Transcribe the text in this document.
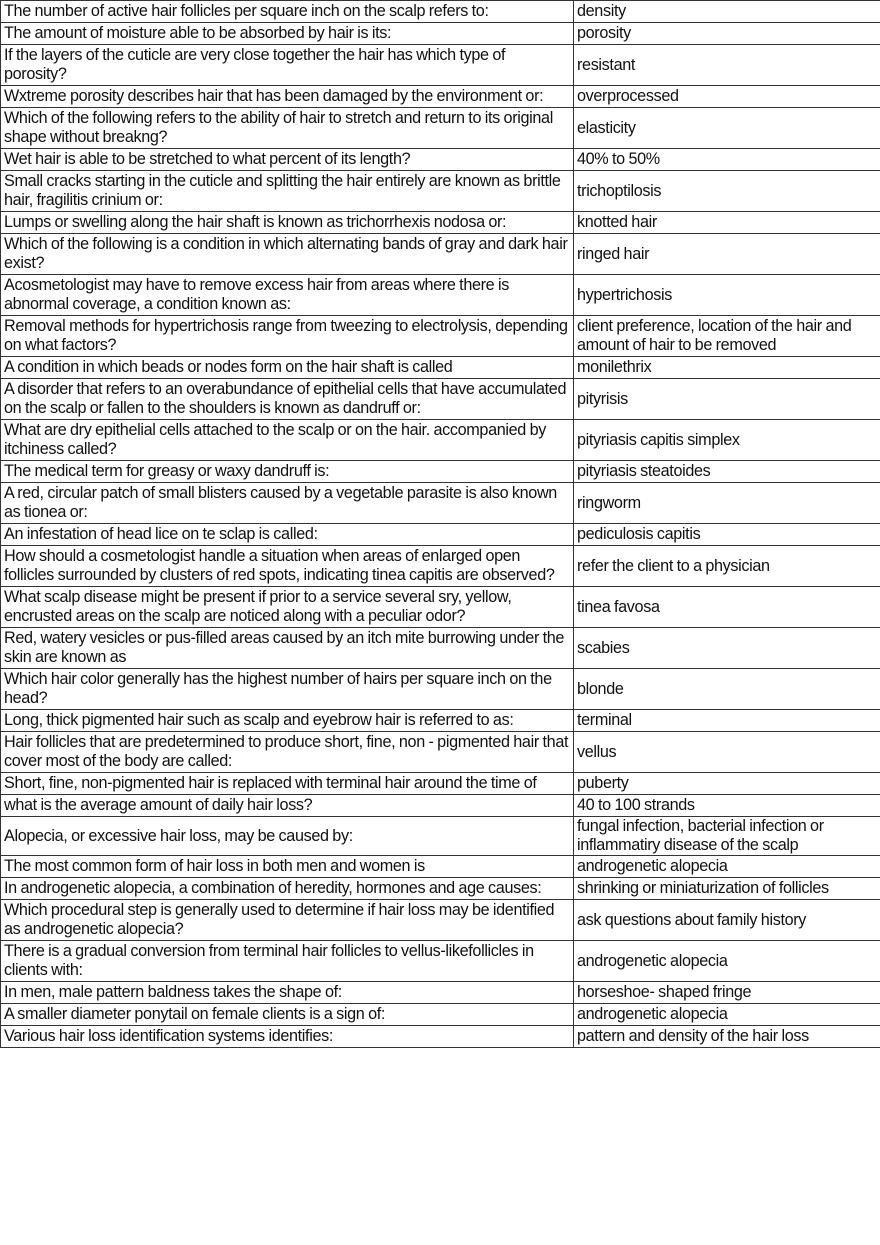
The number of active hair follicles per square inch on the scalp refers to:	density
The amount of moisture able to be absorbed by hair is its:	porosity
If the layers of the cuticle are very close together the hair has which type of porosity?	resistant
Wxtreme porosity describes hair that has been damaged by the environment or:	overprocessed
Which of the following refers to the ability of hair to stretch and return to its original shape without breakng?	elasticity
Wet hair is able to be stretched to what percent of its length?	40% to 50%
Small cracks starting in the cuticle and splitting the hair entirely are known as brittle hair, fragilitis crinium or:	trichoptilosis
Lumps or swelling along the hair shaft is known as trichorrhexis nodosa or:	knotted hair
Which of the following is a condition in which alternating bands of gray and dark hair exist?	ringed hair
Acosmetologist may have to remove excess hair from areas where there is abnormal coverage, a condition known as:	hypertrichosis
Removal methods for hypertrichosis range from tweezing to electrolysis, depending on what factors?	client preference, location of the hair and amount of hair to be removed
A condition in which beads or nodes form on the hair shaft is called	monilethrix
A disorder that refers to an overabundance of epithelial cells that have accumulated on the scalp or fallen to the shoulders is known as dandruff or:	pityrisis
What are dry epithelial cells attached to the scalp or on the hair. accompanied by itchiness called?	pityriasis capitis simplex
The medical term for greasy or waxy dandruff is:	pityriasis steatoides
A red, circular patch of small blisters caused by a vegetable parasite is also known as tionea or:	ringworm
An infestation of head lice on te sclap is called:	pediculosis capitis
How should a cosmetologist handle a situation when areas of enlarged open follicles surrounded by clusters of red spots, indicating tinea capitis are observed?	refer the client to a physician
What scalp disease might be present if prior to a service several sry, yellow, encrusted areas on the scalp are noticed along with a peculiar odor?	tinea favosa
Red, watery vesicles or pus-filled areas caused by an itch mite burrowing under the skin are known as	scabies
Which hair color generally has the highest number of hairs per square inch on the head?	blonde
Long, thick pigmented hair such as scalp and eyebrow hair is referred to as:	terminal
Hair follicles that are predetermined to produce short, fine, non - pigmented hair that cover most of the body are called:	vellus
Short, fine, non-pigmented hair is replaced with terminal hair around the time of	puberty
what is the average amount of daily hair loss?	40 to 100 strands
Alopecia, or excessive hair loss, may be caused by:	fungal infection, bacterial infection or inflammatiry disease of the scalp
The most common form of hair loss in both men and women is	androgenetic alopecia
In androgenetic alopecia, a combination of heredity, hormones and age causes:	shrinking or miniaturization of follicles
Which procedural step is generally used to determine if hair loss may be identified as androgenetic alopecia?	ask questions about family history
There is a gradual conversion from terminal hair follicles to vellus-likefollicles in clients with:	androgenetic alopecia
In men, male pattern baldness takes the shape of:	horseshoe- shaped fringe
A smaller diameter ponytail on female clients is a sign of:	androgenetic alopecia
Various hair loss identification systems identifies:	pattern and density of the hair loss
